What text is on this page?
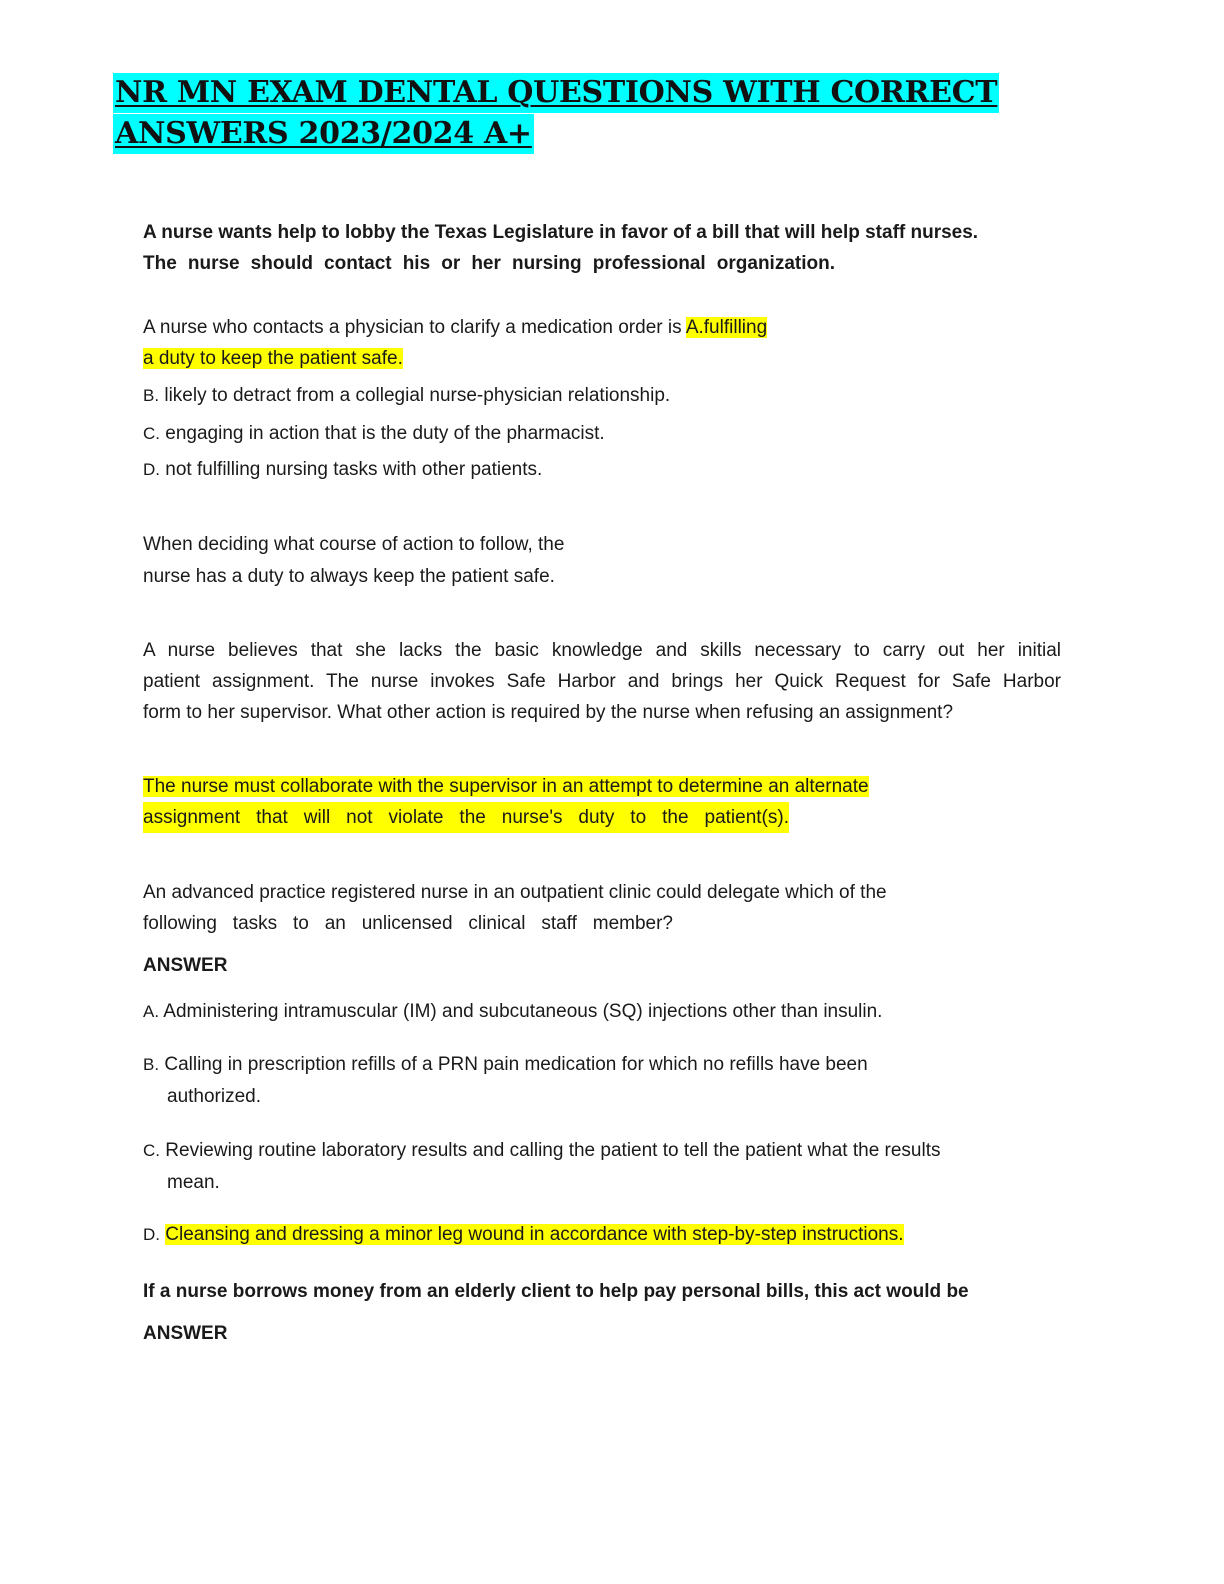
NR MN EXAM DENTAL QUESTIONS WITH CORRECT
ANSWERS 2023/2024 A+
A nurse wants help to lobby the Texas Legislature in favor of a bill that will help staff nurses.
The nurse should contact his or her nursing professional organization.
A nurse who contacts a physician to clarify a medication order is A.fulfilling
a duty to keep the patient safe.
B. likely to detract from a collegial nurse-physician relationship.
C. engaging in action that is the duty of the pharmacist.
D. not fulfilling nursing tasks with other patients.
When deciding what course of action to follow, the
nurse has a duty to always keep the patient safe.
A nurse believes that she lacks the basic knowledge and skills necessary to carry out her initial
patient assignment. The nurse invokes Safe Harbor and brings her Quick Request for Safe Harbor
form to her supervisor. What other action is required by the nurse when refusing an assignment?
The nurse must collaborate with the supervisor in an attempt to determine an alternate
assignment that will not violate the nurse's duty to the patient(s).
An advanced practice registered nurse in an outpatient clinic could delegate which of the
following tasks to an unlicensed clinical staff member?
ANSWER
A. Administering intramuscular (IM) and subcutaneous (SQ) injections other than insulin.
B. Calling in prescription refills of a PRN pain medication for which no refills have been
authorized.
C. Reviewing routine laboratory results and calling the patient to tell the patient what the results
mean.
D. Cleansing and dressing a minor leg wound in accordance with step-by-step instructions.
If a nurse borrows money from an elderly client to help pay personal bills, this act would be
ANSWER
